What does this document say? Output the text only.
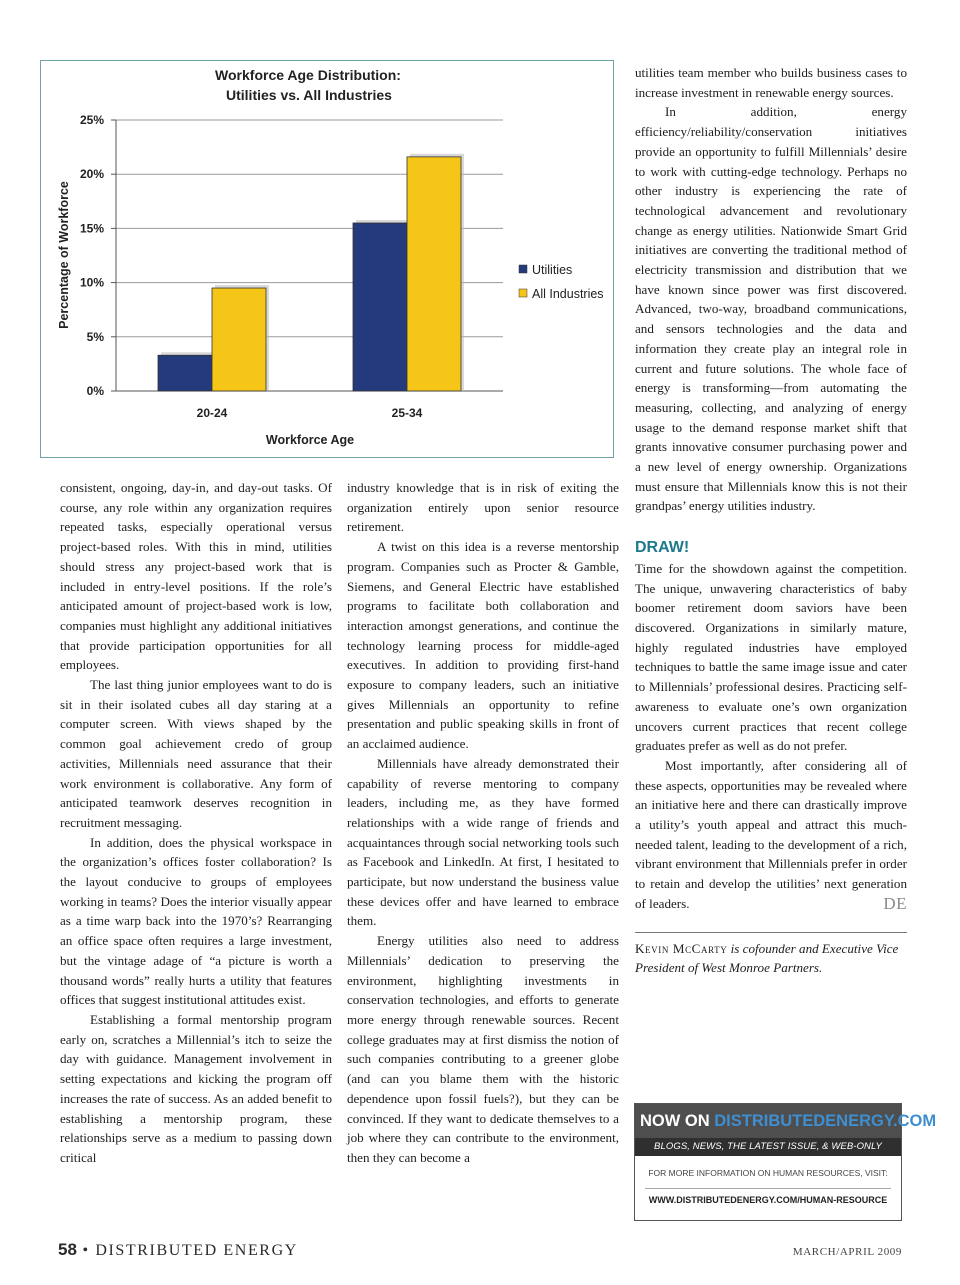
Workforce Age Distribution:
Utilities vs. All Industries
0%
5%
10%
15%
20%
25%
20-24	25-34
Workforce Age
Percentage of Workforce	Utilities
All Industries

consistent, ongoing, day-in, and day-out tasks. Of course, any role within any organization requires repeated tasks, especially operational versus project-based roles. With this in mind, utilities should stress any project-based work that is included in entry-level positions. If the role’s anticipated amount of project-based work is low, companies must highlight any additional initiatives that provide participation opportunities for all employees.

The last thing junior employees want to do is sit in their isolated cubes all day staring at a computer screen. With views shaped by the common goal achievement credo of group activities, Millennials need assurance that their work environment is collaborative. Any form of anticipated teamwork deserves recognition in recruitment messaging.

In addition, does the physical workspace in the organization’s offices foster collaboration? Is the layout conducive to groups of employees working in teams? Does the interior visually appear as a time warp back into the 1970’s? Rearranging an office space often requires a large investment, but the vintage adage of “a picture is worth a thousand words” really hurts a utility that features offices that suggest institutional attitudes exist.

Establishing a formal mentorship program early on, scratches a Millennial’s itch to seize the day with guidance. Management involvement in setting expectations and kicking the program off increases the rate of success. As an added benefit to establishing a mentorship program, these relationships serve as a medium to passing down critical

industry knowledge that is in risk of exiting the organization entirely upon senior resource retirement.

A twist on this idea is a reverse mentorship program. Companies such as Procter & Gamble, Siemens, and General Electric have established programs to facilitate both collaboration and interaction amongst generations, and continue the technology learning process for middle-aged executives. In addition to providing first-hand exposure to company leaders, such an initiative gives Millennials an opportunity to refine presentation and public speaking skills in front of an acclaimed audience.

Millennials have already demonstrated their capability of reverse mentoring to company leaders, including me, as they have formed relationships with a wide range of friends and acquaintances through social networking tools such as Facebook and LinkedIn. At first, I hesitated to participate, but now understand the business value these devices offer and have learned to embrace them.

Energy utilities also need to address Millennials’ dedication to preserving the environment, highlighting investments in conservation technologies, and efforts to generate more energy through renewable sources. Recent college graduates may at first dismiss the notion of such companies contributing to a greener globe (and can you blame them with the historic dependence upon fossil fuels?), but they can be convinced. If they want to dedicate themselves to a job where they can contribute to the environment, then they can become a

utilities team member who builds business cases to increase investment in renewable energy sources.

In addition, energy efficiency/reliability/conservation initiatives provide an opportunity to fulfill Millennials’ desire to work with cutting-edge technology. Perhaps no other industry is experiencing the rate of technological advancement and revolutionary change as energy utilities. Nationwide Smart Grid initiatives are converting the traditional method of electricity transmission and distribution that we have known since power was first discovered. Advanced, two-way, broadband communications, and sensors technologies and the data and information they create play an integral role in current and future solutions. The whole face of energy is transforming—from automating the measuring, collecting, and analyzing of energy usage to the demand response market shift that grants innovative consumer purchasing power and a new level of energy ownership. Organizations must ensure that Millennials know this is not their grandpas’ energy utilities industry.

DRAW!

Time for the showdown against the competition. The unique, unwavering characteristics of baby boomer retirement doom saviors have been discovered. Organizations in similarly mature, highly regulated industries have employed techniques to battle the same image issue and cater to Millennials’ professional desires. Practicing self-awareness to evaluate one’s own organization uncovers current practices that recent college graduates prefer as well as do not prefer.

Most importantly, after considering all of these aspects, opportunities may be revealed where an initiative here and there can drastically improve a utility’s youth appeal and attract this much-needed talent, leading to the development of a rich, vibrant environment that Millennials prefer in order to retain and develop the utilities’ next generation of leaders.	DE

Kevin McCarty is cofounder and Executive Vice President of West Monroe Partners.

NOW ON DISTRIBUTEDENERGY.COM
BLOGS, NEWS, THE LATEST ISSUE, & WEB-ONLY ARTICLES
FOR MORE INFORMATION ON HUMAN RESOURCES, VISIT:
WWW.DISTRIBUTEDENERGY.COM/HUMAN-RESOURCE
58 • DISTRIBUTED ENERGY	MARCH/APRIL 2009
